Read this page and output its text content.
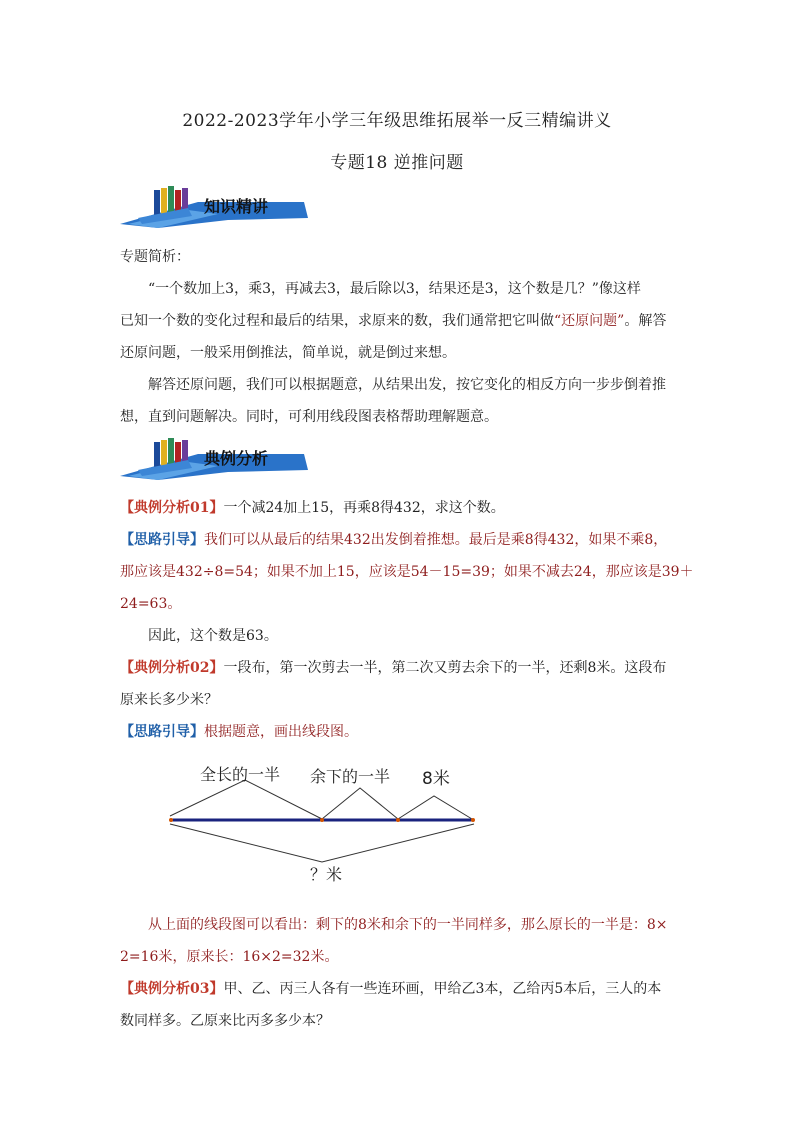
2022-2023学年小学三年级思维拓展举一反三精编讲义
专题18 逆推问题
知识精讲
专题简析：
“一个数加上3，乘3，再减去3，最后除以3，结果还是3，这个数是几？”像这样
已知一个数的变化过程和最后的结果，求原来的数，我们通常把它叫做“还原问题”。解答
还原问题，一般采用倒推法，简单说，就是倒过来想。
解答还原问题，我们可以根据题意，从结果出发，按它变化的相反方向一步步倒着推
想，直到问题解决。同时，可利用线段图表格帮助理解题意。
典例分析
【典例分析01】一个减24加上15，再乘8得432，求这个数。
【思路引导】我们可以从最后的结果432出发倒着推想。最后是乘8得432，如果不乘8，
那应该是432÷8=54；如果不加上15，应该是54－15=39；如果不减去24，那应该是39＋
24=63。
因此，这个数是63。
【典例分析02】一段布，第一次剪去一半，第二次又剪去余下的一半，还剩8米。这段布
原来长多少米？
【思路引导】根据题意，画出线段图。
全长的一半 余下的一半 8米
？米
从上面的线段图可以看出：剩下的8米和余下的一半同样多，那么原长的一半是：8×
2=16米，原来长：16×2=32米。
【典例分析03】甲、乙、丙三人各有一些连环画，甲给乙3本，乙给丙5本后，三人的本
数同样多。乙原来比丙多多少本？
